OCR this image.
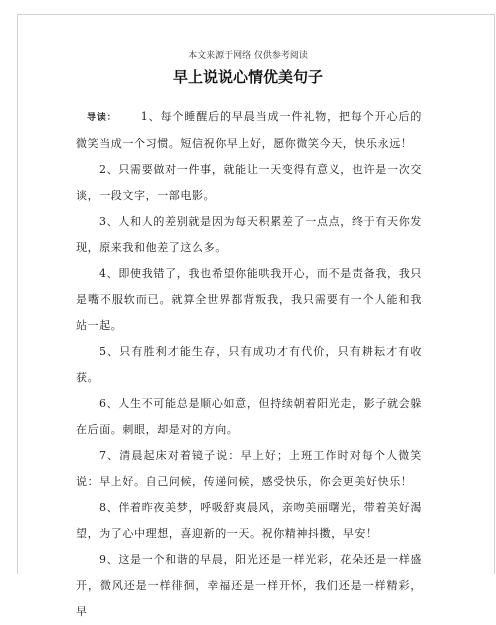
本文来源于网络 仅供参考阅读
早上说说心情优美句子

导读： 1、每个睡醒后的早晨当成一件礼物，把每个开心后的微笑当成一个习惯。短信祝你早上好，愿你微笑今天，快乐永远！

2、只需要做对一件事，就能让一天变得有意义，也许是一次交谈，一段文字，一部电影。

3、人和人的差别就是因为每天积累差了一点点，终于有天你发现，原来我和他差了这么多。

4、即使我错了，我也希望你能哄我开心，而不是责备我，我只是嘴不服软而已。就算全世界都背叛我，我只需要有一个人能和我站一起。

5、只有胜利才能生存，只有成功才有代价，只有耕耘才有收获。

6、人生不可能总是顺心如意，但持续朝着阳光走，影子就会躲在后面。刺眼，却是对的方向。

7、清晨起床对着镜子说：早上好；上班工作时对每个人微笑说：早上好。自己问候，传递问候，感受快乐，你会更美好快乐！

8、伴着昨夜美梦，呼吸舒爽晨风，亲吻美丽曙光，带着美好渴望，为了心中理想，喜迎新的一天。祝你精神抖擞，早安！

9、这是一个和谐的早晨，阳光还是一样光彩，花朵还是一样盛开，微风还是一样徘徊，幸福还是一样开怀，我们还是一样精彩，早
